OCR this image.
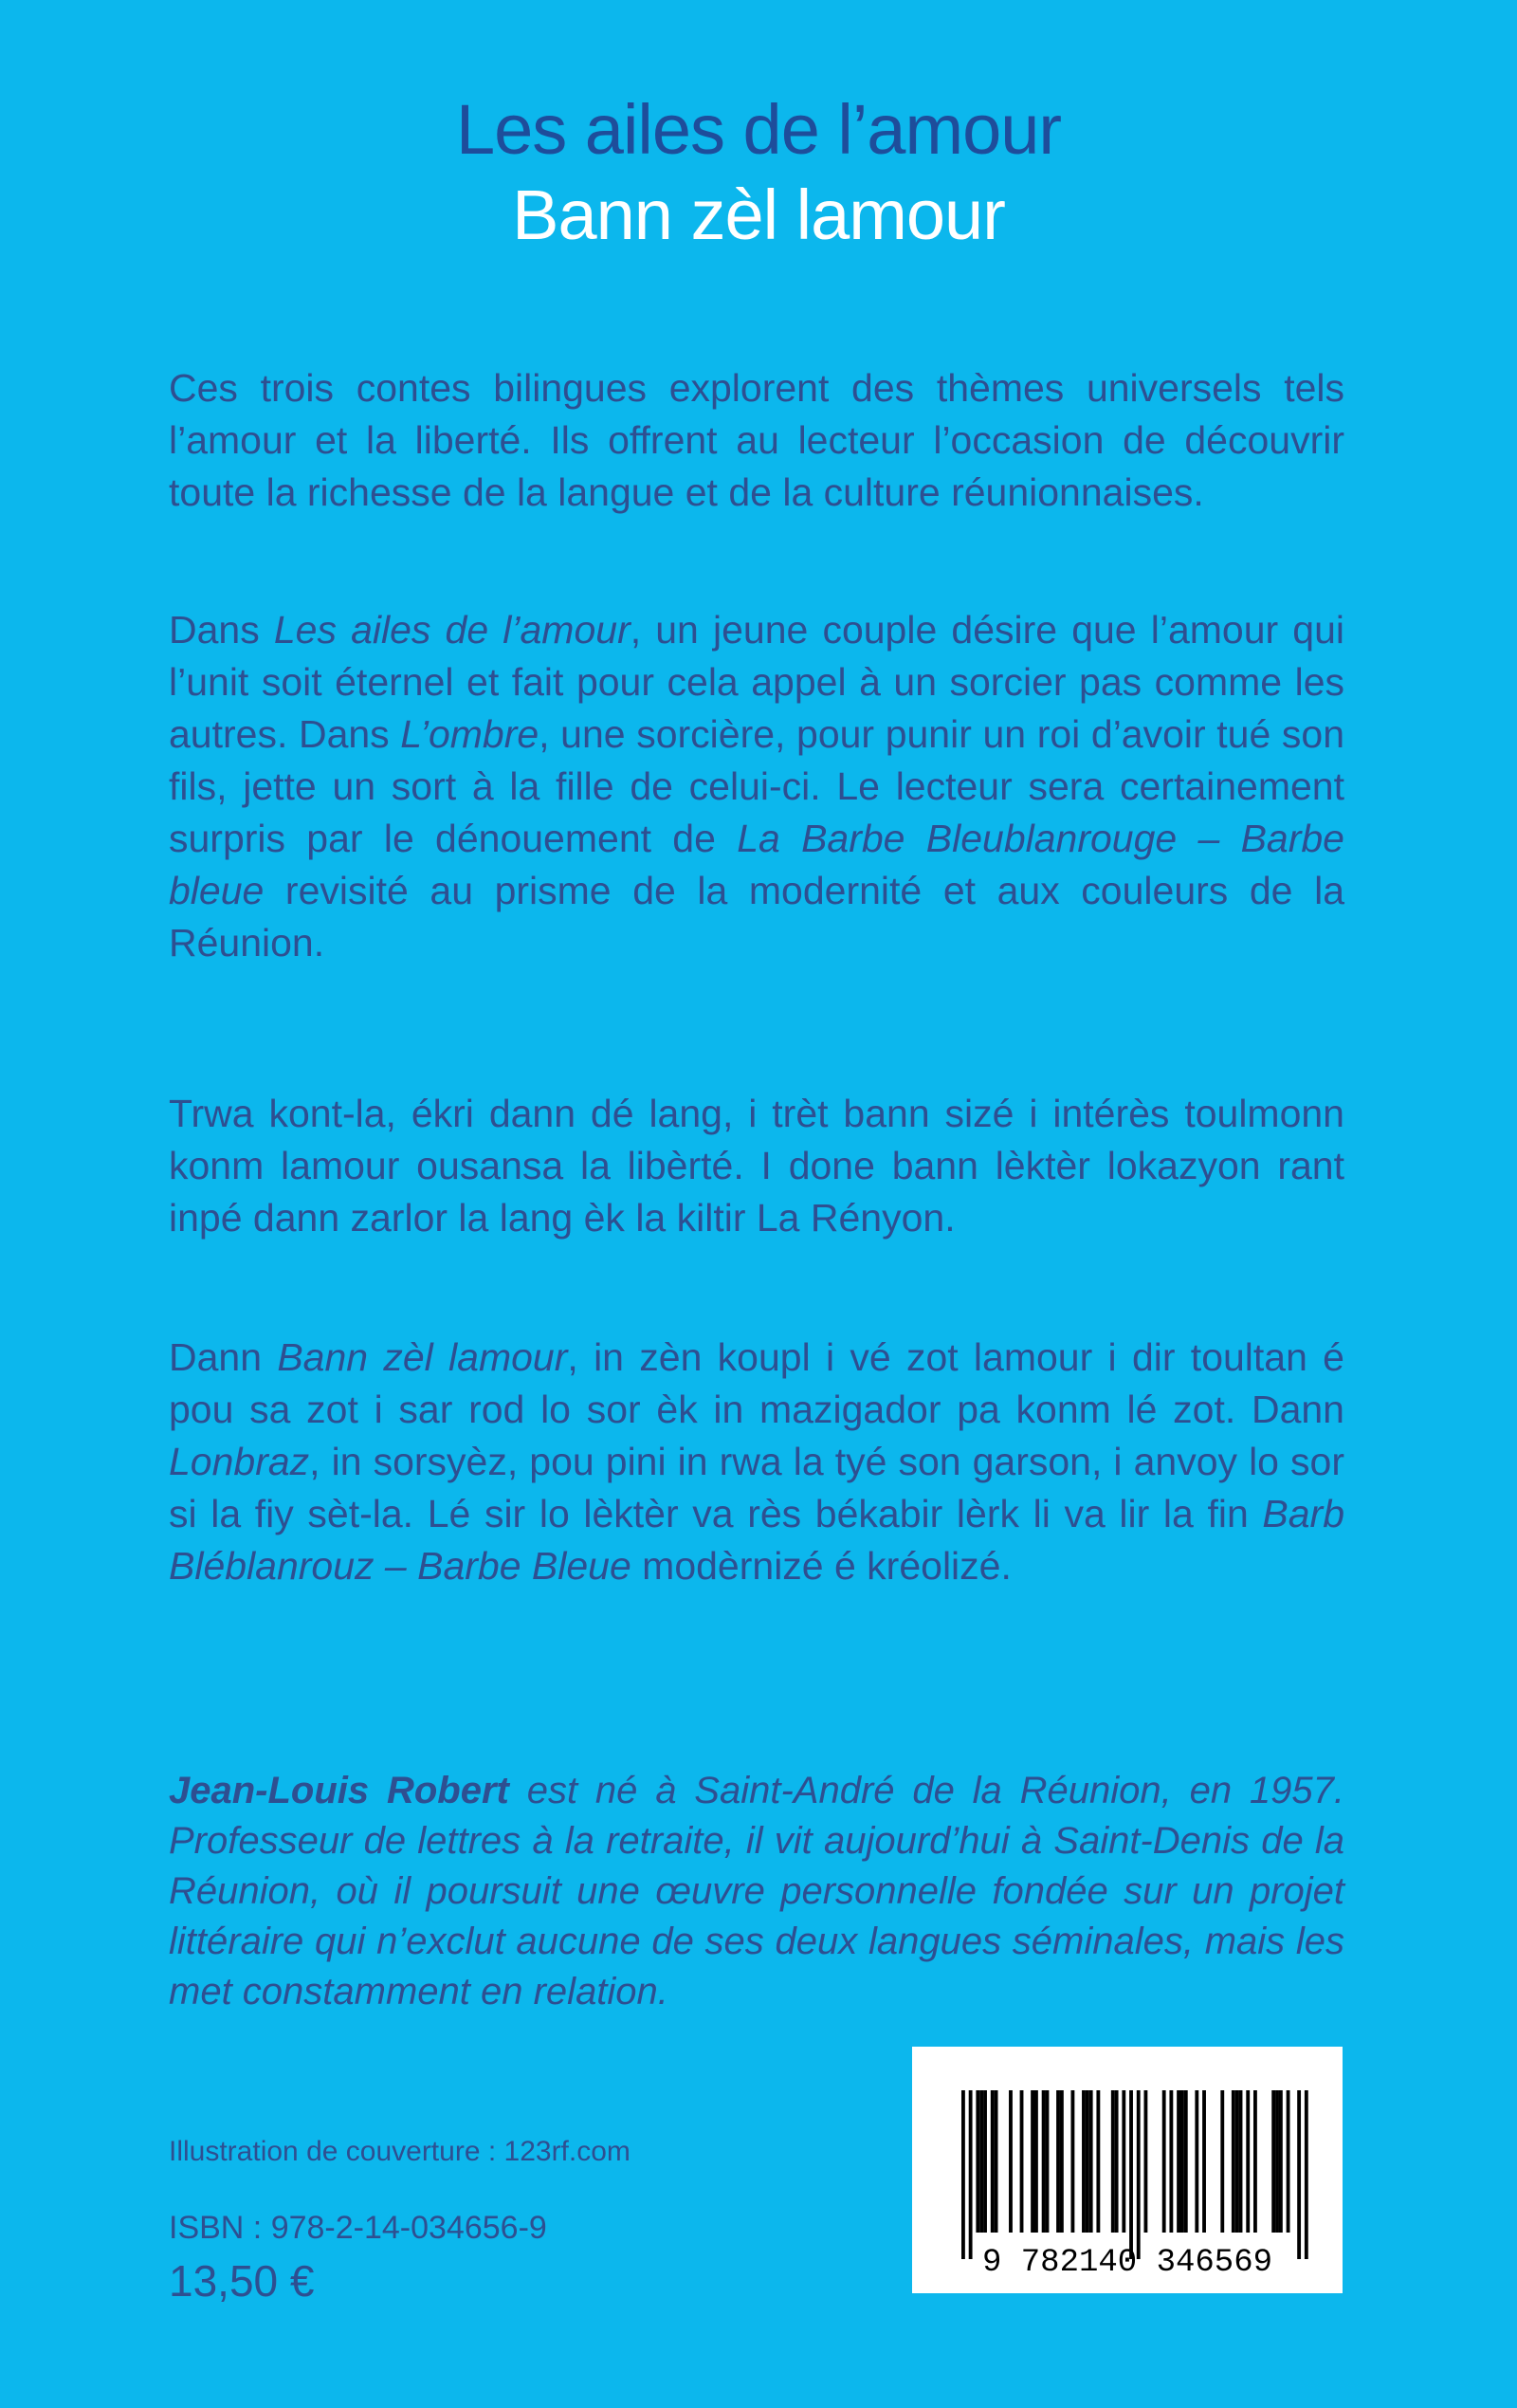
Les ailes de l’amour
Bann zèl lamour

Ces trois contes bilingues explorent des thèmes universels tels l’amour et la liberté. Ils offrent au lecteur l’occasion de découvrir toute la richesse de la langue et de la culture réunionnaises.

Dans Les ailes de l’amour, un jeune couple désire que l’amour qui l’unit soit éternel et fait pour cela appel à un sorcier pas comme les autres. Dans L’ombre, une sorcière, pour punir un roi d’avoir tué son fils, jette un sort à la fille de celui-ci. Le lecteur sera certainement surpris par le dénouement de La Barbe Bleublanrouge – Barbe bleue revisité au prisme de la modernité et aux couleurs de la Réunion.

Trwa kont-la, ékri dann dé lang, i trèt bann sizé i intérès toulmonn konm lamour ousansa la libèrté. I done bann lèktèr lokazyon rant inpé dann zarlor la lang èk la kiltir La Rényon.

Dann Bann zèl lamour, in zèn koupl i vé zot lamour i dir toultan é pou sa zot i sar rod lo sor èk in mazigador pa konm lé zot. Dann Lonbraz, in sorsyèz, pou pini in rwa la tyé son garson, i anvoy lo sor si la fiy sèt-la. Lé sir lo lèktèr va rès békabir lèrk li va lir la fin Barb Bléblanrouz – Barbe Bleue modèrnizé é kréolizé.

Jean-Louis Robert est né à Saint-André de la Réunion, en 1957. Professeur de lettres à la retraite, il vit aujourd’hui à Saint-Denis de la Réunion, où il poursuit une œuvre personnelle fondée sur un projet littéraire qui n’exclut aucune de ses deux langues séminales, mais les met constamment en relation.

Illustration de couverture : 123rf.com
ISBN : 978-2-14-034656-9
13,50 €	9 782140 346569
